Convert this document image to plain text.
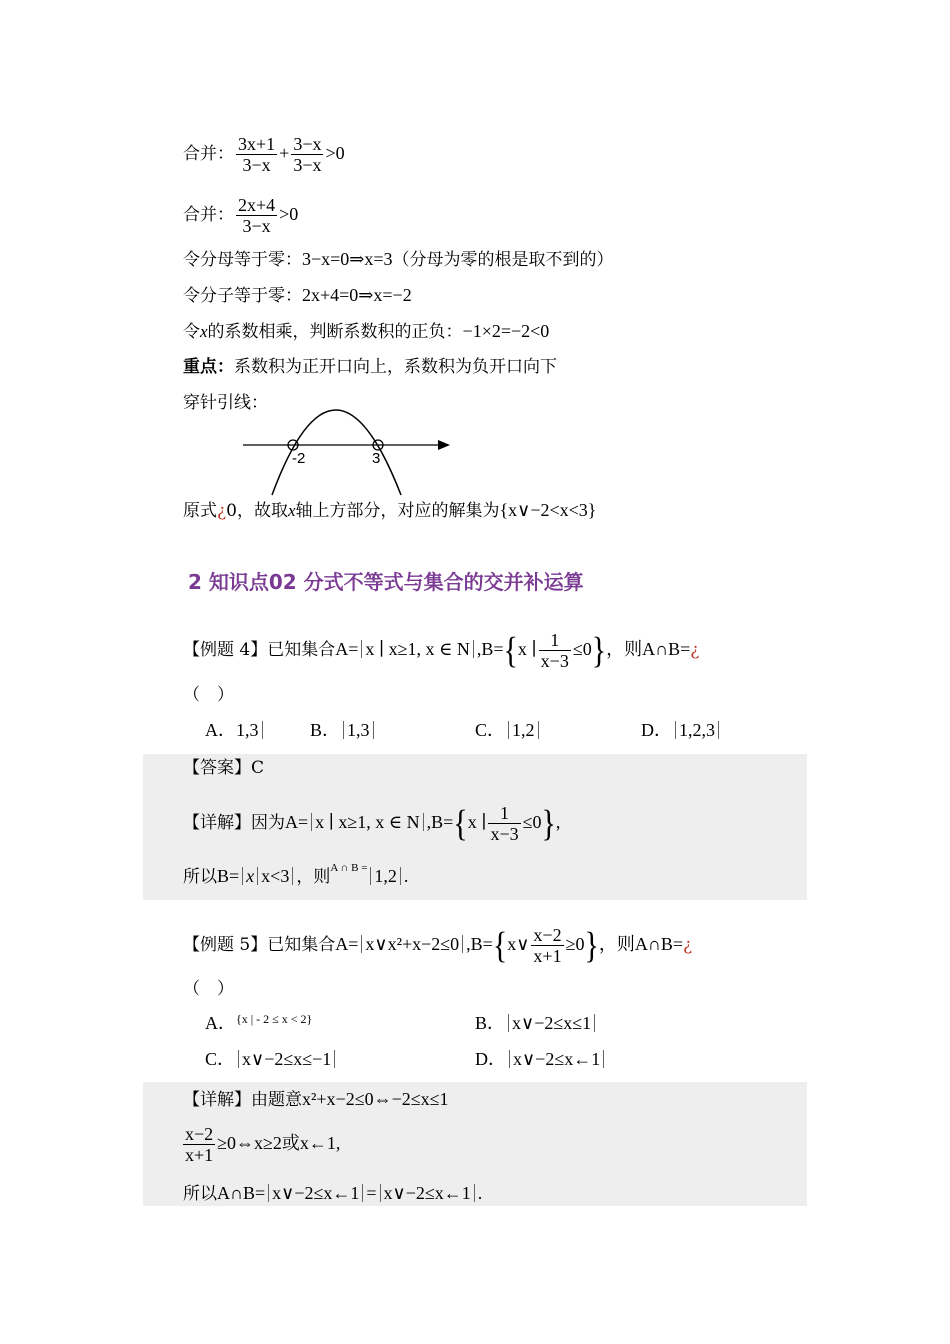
合并： $\frac{3x+1}{3-x} + \frac{3-x}{3-x} >0$
合并： $\frac{2x+4}{3-x} >0$
令分母等于零：3−x=0⇒x=3（分母为零的根是取不到的）
令分子等于零：2x+4=0⇒x=−2
令x的系数相乘，判断系数积的正负：−1×2=−2<0
重点：系数积为正开口向上，系数积为负开口向下
穿针引线：
-2	3
原式¿0，故取x轴上方部分，对应的解集为{x∨−2<x<3}
2 知识点02 分式不等式与集合的交并补运算
【例题 4】已知集合A= x ∣ x≥1, x ∈ N ,B={x ∣ $\frac{1}{x-3} \le 0$}，则A∩B=¿
（　）
A．1,3	B． 1,3	C． 1,2	D． 1,2,3
【答案】C
【详解】因为A= x ∣ x≥1, x ∈ N ,B={x ∣ $\frac{1}{x-3} \le 0$},
所以B= x x<3 ，则$^{A \cap B =}$ 1,2 .
【例题 5】已知集合A= x∨x²+x−2≤0 ,B={x∨ $\frac{x-2}{x+1} \ge 0$}，则A∩B=¿
（　）
A．$^{\{x | - 2 \le x < 2\}}$	B． x∨−2≤x≤1
C． x∨−2≤x≤−1	D． x∨−2≤x←1
【详解】由题意x²+x−2≤0⇔−2≤x≤1
$\frac{x-2}{x+1}$ ≥0⇔x≥2或x←1,
所以A∩B= x∨−2≤x←1 = x∨−2≤x←1 .
